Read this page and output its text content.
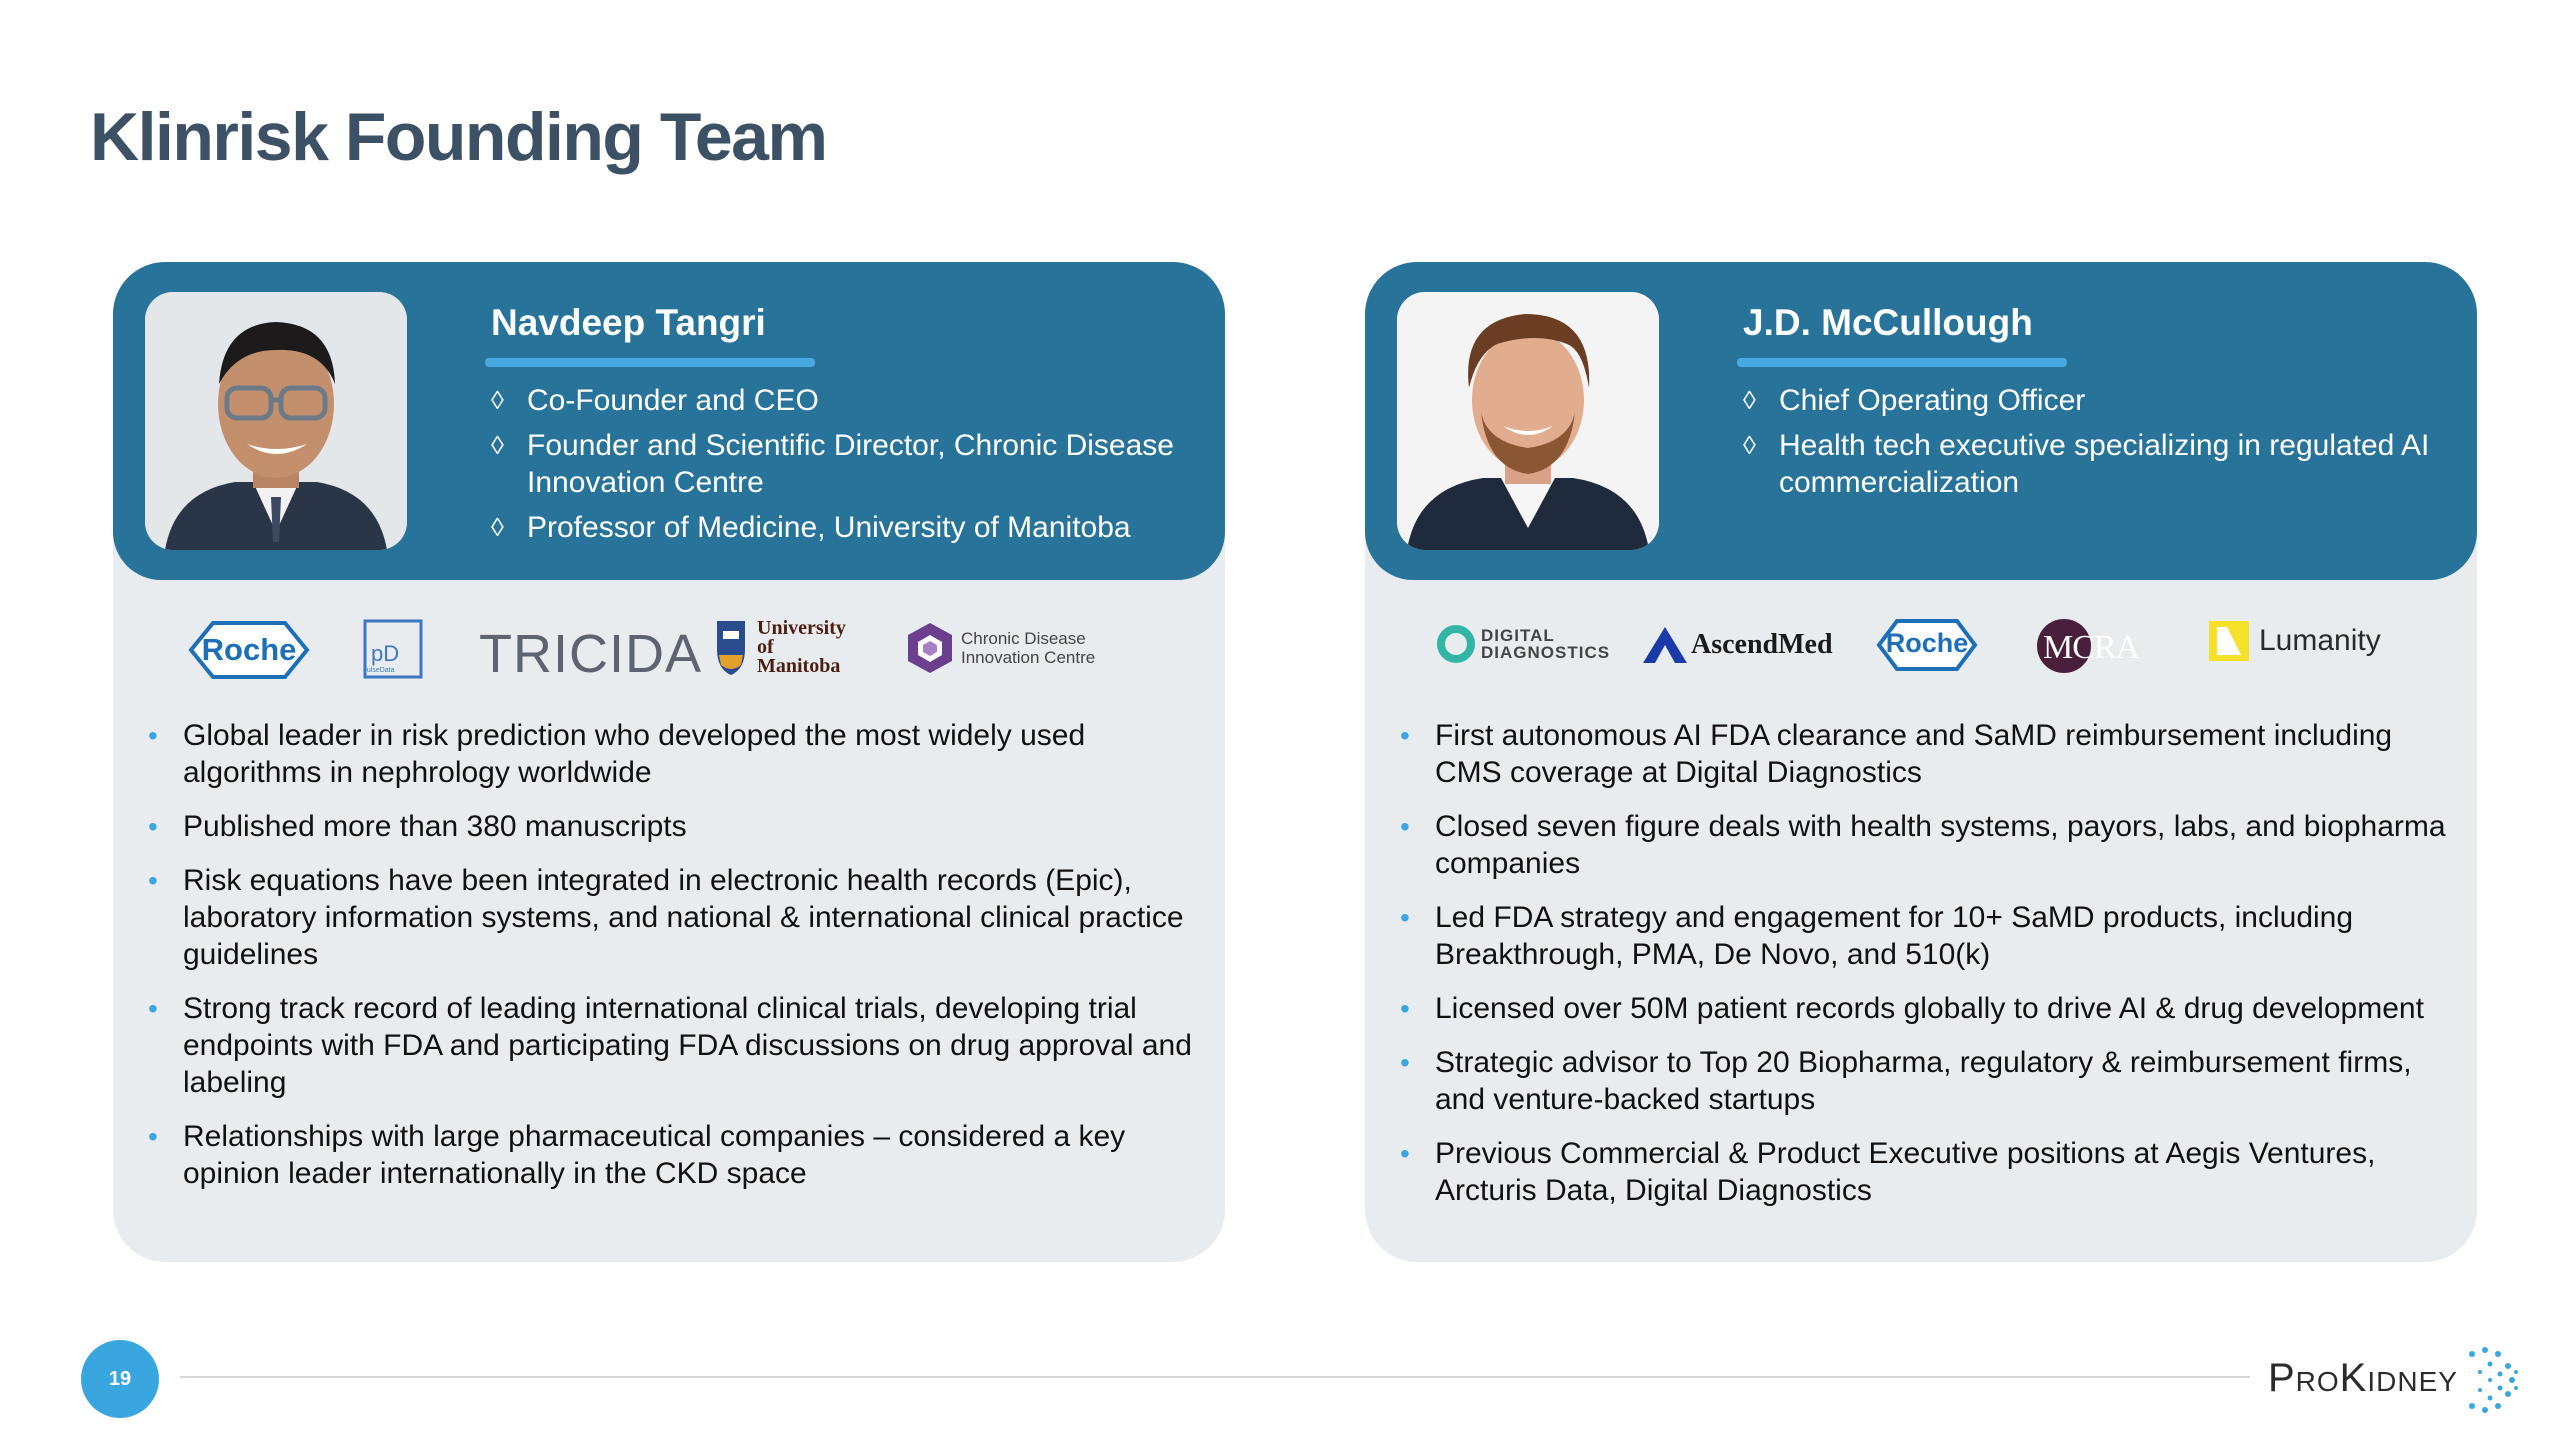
Klinrisk Founding Team
Navdeep Tangri
◊ Co-Founder and CEO
◊ Founder and Scientific Director, Chronic Disease Innovation Centre
◊ Professor of Medicine, University of Manitoba
Roche	pD
pulseData TRICIDA	University of Manitoba
Chronic Disease Innovation Centre
• Global leader in risk prediction who developed the most widely used algorithms in nephrology worldwide
• Published more than 380 manuscripts
• Risk equations have been integrated in electronic health records (Epic), laboratory information systems, and national & international clinical practice guidelines
• Strong track record of leading international clinical trials, developing trial endpoints with FDA and participating FDA discussions on drug approval and labeling
• Relationships with large pharmaceutical companies – considered a key opinion leader internationally in the CKD space
J.D. McCullough
◊ Chief Operating Officer
◊ Health tech executive specializing in regulated AI commercialization
DIGITAL DIAGNOSTICS	AscendMed	Roche	MCRA	Lumanity
• First autonomous AI FDA clearance and SaMD reimbursement including CMS coverage at Digital Diagnostics
• Closed seven figure deals with health systems, payors, labs, and biopharma companies
• Led FDA strategy and engagement for 10+ SaMD products, including Breakthrough, PMA, De Novo, and 510(k)
• Licensed over 50M patient records globally to drive AI & drug development
• Strategic advisor to Top 20 Biopharma, regulatory & reimbursement firms, and venture-backed startups
• Previous Commercial & Product Executive positions at Aegis Ventures, Arcturis Data, Digital Diagnostics
19	ProKidney
